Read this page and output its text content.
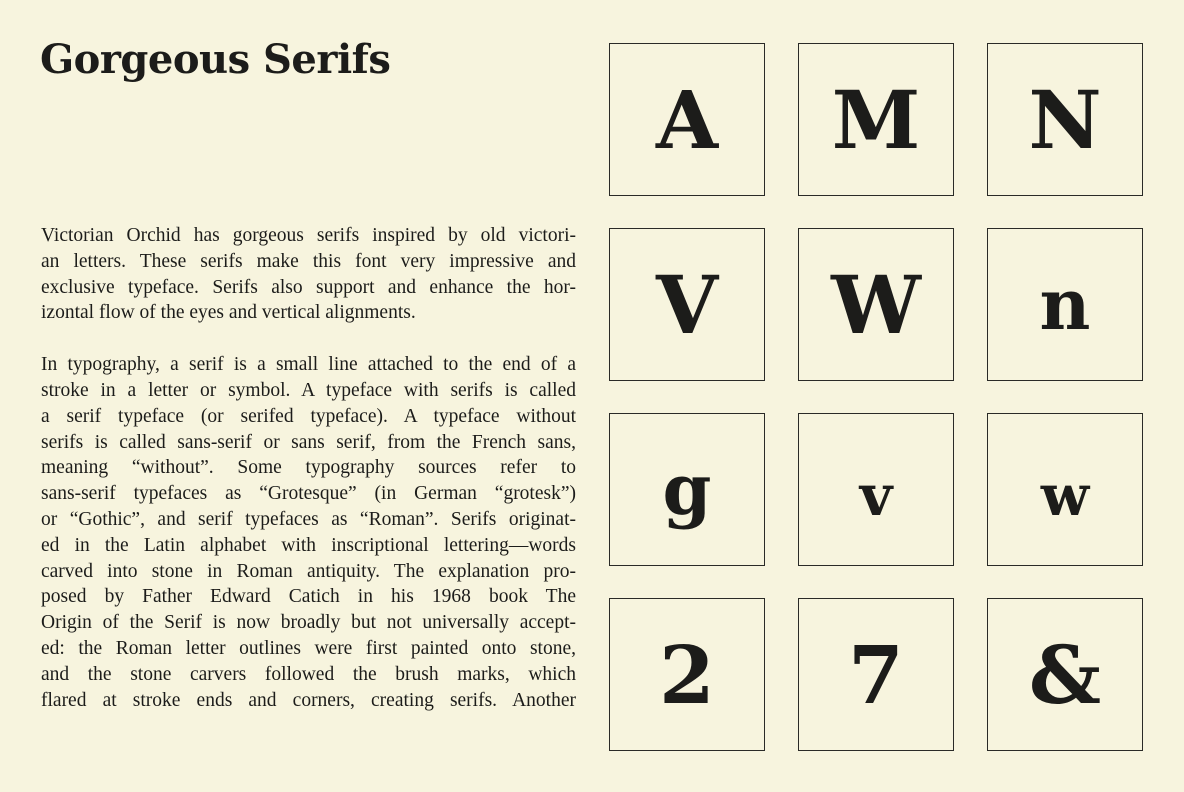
Gorgeous Serifs

Victorian Orchid has gorgeous serifs inspired by old victori-
an letters. These serifs make this font very impressive and
exclusive typeface. Serifs also support and enhance the hor-
izontal flow of the eyes and vertical alignments.

In typography, a serif is a small line attached to the end of a
stroke in a letter or symbol. A typeface with serifs is called
a serif typeface (or serifed typeface). A typeface without
serifs is called sans-serif or sans serif, from the French sans,
meaning “without”. Some typography sources refer to
sans-serif typefaces as “Grotesque” (in German “grotesk”)
or “Gothic”, and serif typefaces as “Roman”. Serifs originat-
ed in the Latin alphabet with inscriptional lettering—words
carved into stone in Roman antiquity. The explanation pro-
posed by Father Edward Catich in his 1968 book The
Origin of the Serif is now broadly but not universally accept-
ed: the Roman letter outlines were first painted onto stone,
and the stone carvers followed the brush marks, which
flared at stroke ends and corners, creating serifs. Another

A	M	N
V	W	n
g	v	w
2	7	&
